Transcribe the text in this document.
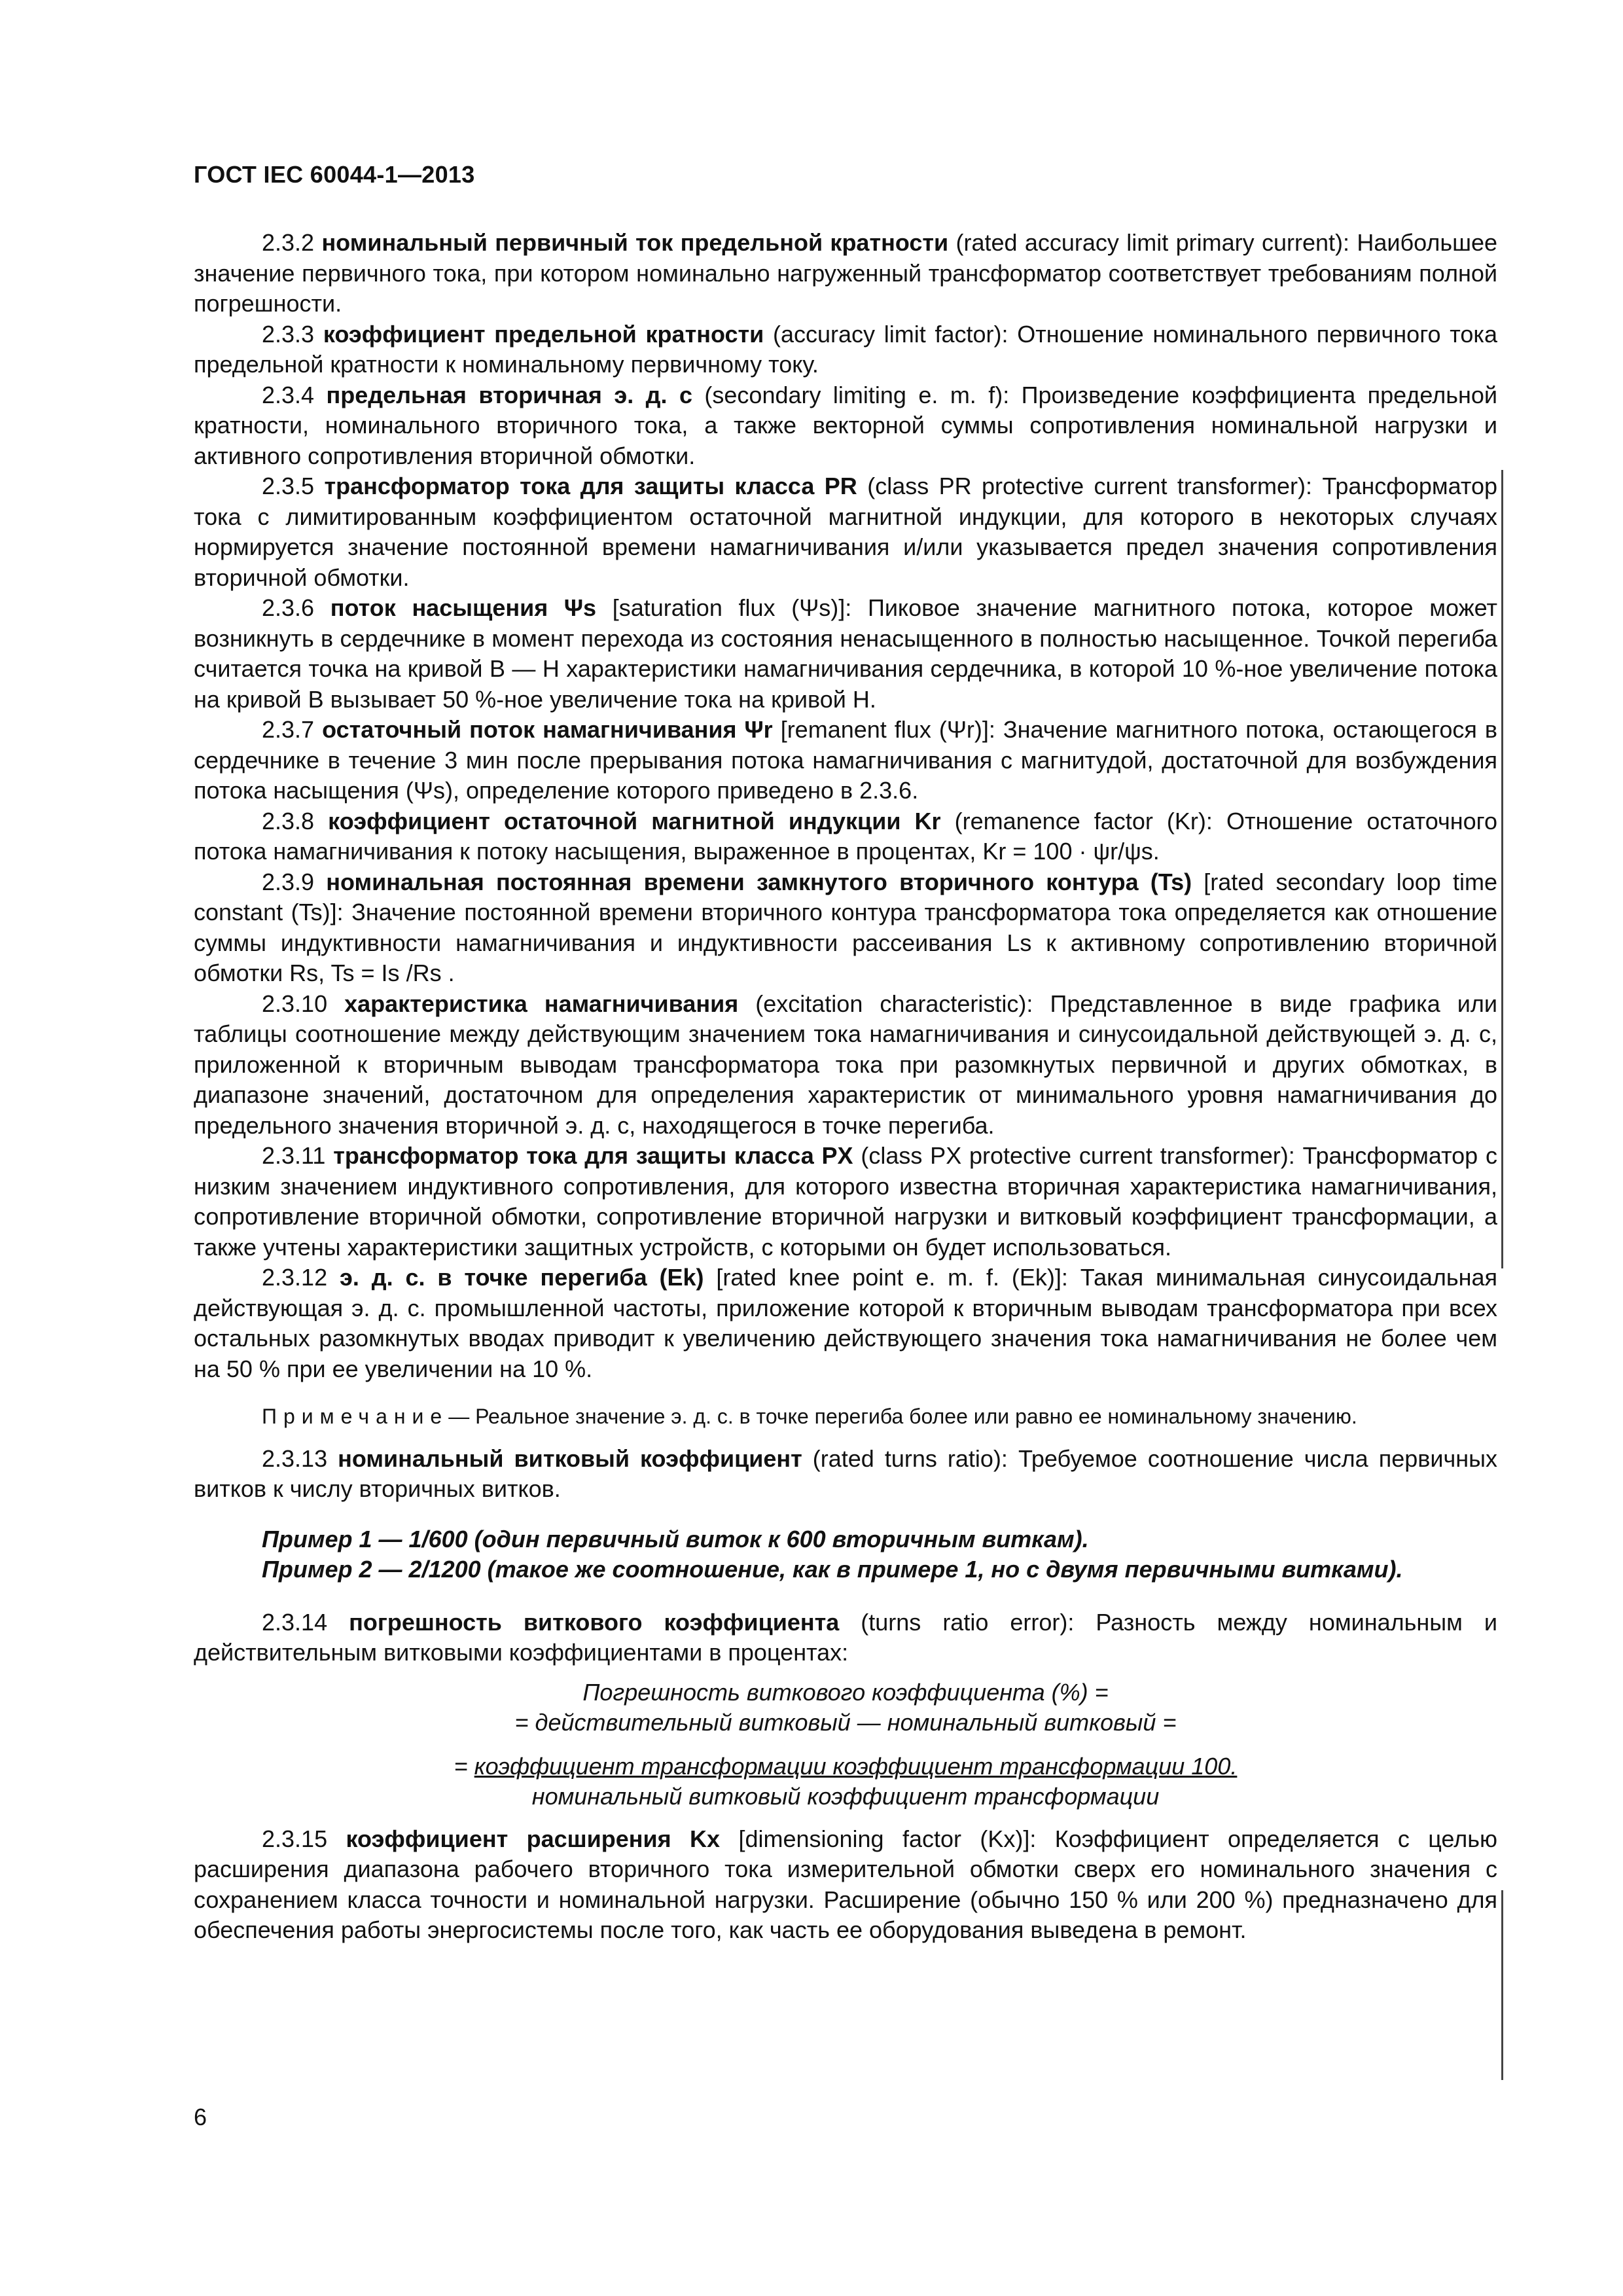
ГОСТ IEC 60044-1—2013

2.3.2 номинальный первичный ток предельной кратности (rated accuracy limit primary current): Наибольшее значение первичного тока, при котором номинально нагруженный трансформатор соответствует требованиям полной погрешности.

2.3.3 коэффициент предельной кратности (accuracy limit factor): Отношение номинального первичного тока предельной кратности к номинальному первичному току.

2.3.4 предельная вторичная э. д. с (secondary limiting e. m. f): Произведение коэффициента предельной кратности, номинального вторичного тока, а также векторной суммы сопротивления номинальной нагрузки и активного сопротивления вторичной обмотки.

2.3.5 трансформатор тока для защиты класса PR (class PR protective current transformer): Трансформатор тока с лимитированным коэффициентом остаточной магнитной индукции, для которого в некоторых случаях нормируется значение постоянной времени намагничивания и/или указывается предел значения сопротивления вторичной обмотки.

2.3.6 поток насыщения Ψs [saturation flux (Ψs)]: Пиковое значение магнитного потока, которое может возникнуть в сердечнике в момент перехода из состояния ненасыщенного в полностью насыщенное. Точкой перегиба считается точка на кривой В — Н характеристики намагничивания сердечника, в которой 10 %-ное увеличение потока на кривой В вызывает 50 %-ное увеличение тока на кривой Н.

2.3.7 остаточный поток намагничивания Ψr [remanent flux (Ψr)]: Значение магнитного потока, остающегося в сердечнике в течение 3 мин после прерывания потока намагничивания с магнитудой, достаточной для возбуждения потока насыщения (Ψs), определение которого приведено в 2.3.6.

2.3.8 коэффициент остаточной магнитной индукции Kr (remanence factor (Kr): Отношение остаточного потока намагничивания к потоку насыщения, выраженное в процентах, Kr = 100 · ψr/ψs.

2.3.9 номинальная постоянная времени замкнутого вторичного контура (Ts) [rated secondary loop time constant (Ts)]: Значение постоянной времени вторичного контура трансформатора тока определяется как отношение суммы индуктивности намагничивания и индуктивности рассеивания Ls к активному сопротивлению вторичной обмотки Rs, Ts = Is /Rs .

2.3.10 характеристика намагничивания (excitation characteristic): Представленное в виде графика или таблицы соотношение между действующим значением тока намагничивания и синусоидальной действующей э. д. с, приложенной к вторичным выводам трансформатора тока при разомкнутых первичной и других обмотках, в диапазоне значений, достаточном для определения характеристик от минимального уровня намагничивания до предельного значения вторичной э. д. с, находящегося в точке перегиба.

2.3.11 трансформатор тока для защиты класса PX (class PX protective current transformer): Трансформатор с низким значением индуктивного сопротивления, для которого известна вторичная характеристика намагничивания, сопротивление вторичной обмотки, сопротивление вторичной нагрузки и витковый коэффициент трансформации, а также учтены характеристики защитных устройств, с которыми он будет использоваться.

2.3.12 э. д. с. в точке перегиба (Ek) [rated knee point e. m. f. (Ek)]: Такая минимальная синусоидальная действующая э. д. с. промышленной частоты, приложение которой к вторичным выводам трансформатора при всех остальных разомкнутых вводах приводит к увеличению действующего значения тока намагничивания не более чем на 50 % при ее увеличении на 10 %.

Примечание— Реальное значение э. д. с. в точке перегиба более или равно ее номинальному значению.

2.3.13 номинальный витковый коэффициент (rated turns ratio): Требуемое соотношение числа первичных витков к числу вторичных витков.

Пример 1 — 1/600 (один первичный виток к 600 вторичным виткам).
Пример 2 — 2/1200 (такое же соотношение, как в примере 1, но с двумя первичными витками).

2.3.14 погрешность виткового коэффициента (turns ratio error): Разность между номинальным и действительным витковыми коэффициентами в процентах:

Погрешность виткового коэффициента (%) =
= действительный витковый — номинальный витковый =
= коэффициент трансформации коэффициент трансформации 100.
номинальный витковый коэффициент трансформации

2.3.15 коэффициент расширения Kx [dimensioning factor (Kx)]: Коэффициент определяется с целью расширения диапазона рабочего вторичного тока измерительной обмотки сверх его номинального значения с сохранением класса точности и номинальной нагрузки. Расширение (обычно 150 % или 200 %) предназначено для обеспечения работы энергосистемы после того, как часть ее оборудования выведена в ремонт.

6
